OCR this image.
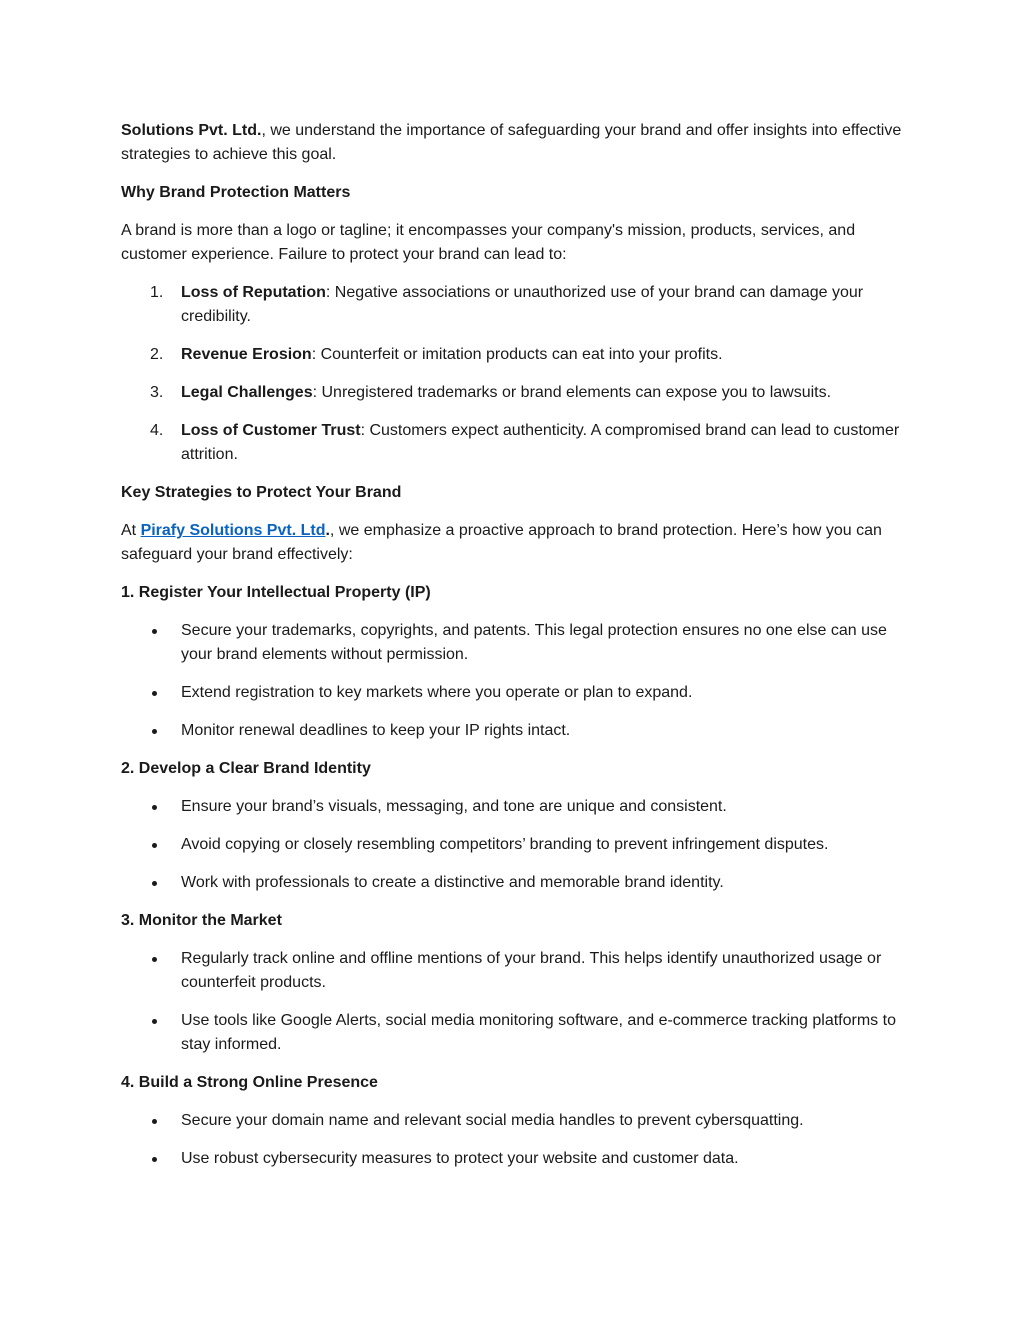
Solutions Pvt. Ltd., we understand the importance of safeguarding your brand and offer insights into effective strategies to achieve this goal.

Why Brand Protection Matters

A brand is more than a logo or tagline; it encompasses your company's mission, products, services, and customer experience. Failure to protect your brand can lead to:

1. Loss of Reputation: Negative associations or unauthorized use of your brand can damage your credibility.
2. Revenue Erosion: Counterfeit or imitation products can eat into your profits.
3. Legal Challenges: Unregistered trademarks or brand elements can expose you to lawsuits.
4. Loss of Customer Trust: Customers expect authenticity. A compromised brand can lead to customer attrition.

Key Strategies to Protect Your Brand

At Pirafy Solutions Pvt. Ltd., we emphasize a proactive approach to brand protection. Here’s how you can safeguard your brand effectively:

1. Register Your Intellectual Property (IP)

Secure your trademarks, copyrights, and patents. This legal protection ensures no one else can use your brand elements without permission.
Extend registration to key markets where you operate or plan to expand.
Monitor renewal deadlines to keep your IP rights intact.

2. Develop a Clear Brand Identity

Ensure your brand’s visuals, messaging, and tone are unique and consistent.
Avoid copying or closely resembling competitors’ branding to prevent infringement disputes.
Work with professionals to create a distinctive and memorable brand identity.

3. Monitor the Market

Regularly track online and offline mentions of your brand. This helps identify unauthorized usage or counterfeit products.
Use tools like Google Alerts, social media monitoring software, and e-commerce tracking platforms to stay informed.

4. Build a Strong Online Presence

Secure your domain name and relevant social media handles to prevent cybersquatting.
Use robust cybersecurity measures to protect your website and customer data.
